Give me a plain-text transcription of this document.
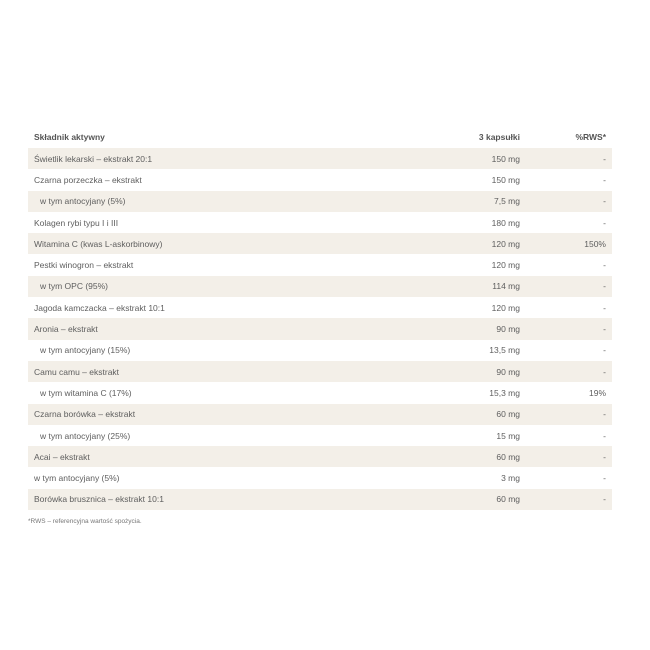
Składnik aktywny	3 kapsułki	%RWS*
Świetlik lekarski – ekstrakt 20:1	150 mg	-
Czarna porzeczka – ekstrakt	150 mg	-
w tym antocyjany (5%)	7,5 mg	-
Kolagen rybi typu I i III	180 mg	-
Witamina C (kwas L-askorbinowy)	120 mg	150%
Pestki winogron – ekstrakt	120 mg	-
w tym OPC (95%)	114 mg	-
Jagoda kamczacka – ekstrakt 10:1	120 mg	-
Aronia – ekstrakt	90 mg	-
w tym antocyjany (15%)	13,5 mg	-
Camu camu – ekstrakt	90 mg	-
w tym witamina C (17%)	15,3 mg	19%
Czarna borówka – ekstrakt	60 mg	-
w tym antocyjany (25%)	15 mg	-
Acai – ekstrakt	60 mg	-
w tym antocyjany (5%)	3 mg	-
Borówka brusznica – ekstrakt 10:1	60 mg	-
*RWS – referencyjna wartość spożycia.
